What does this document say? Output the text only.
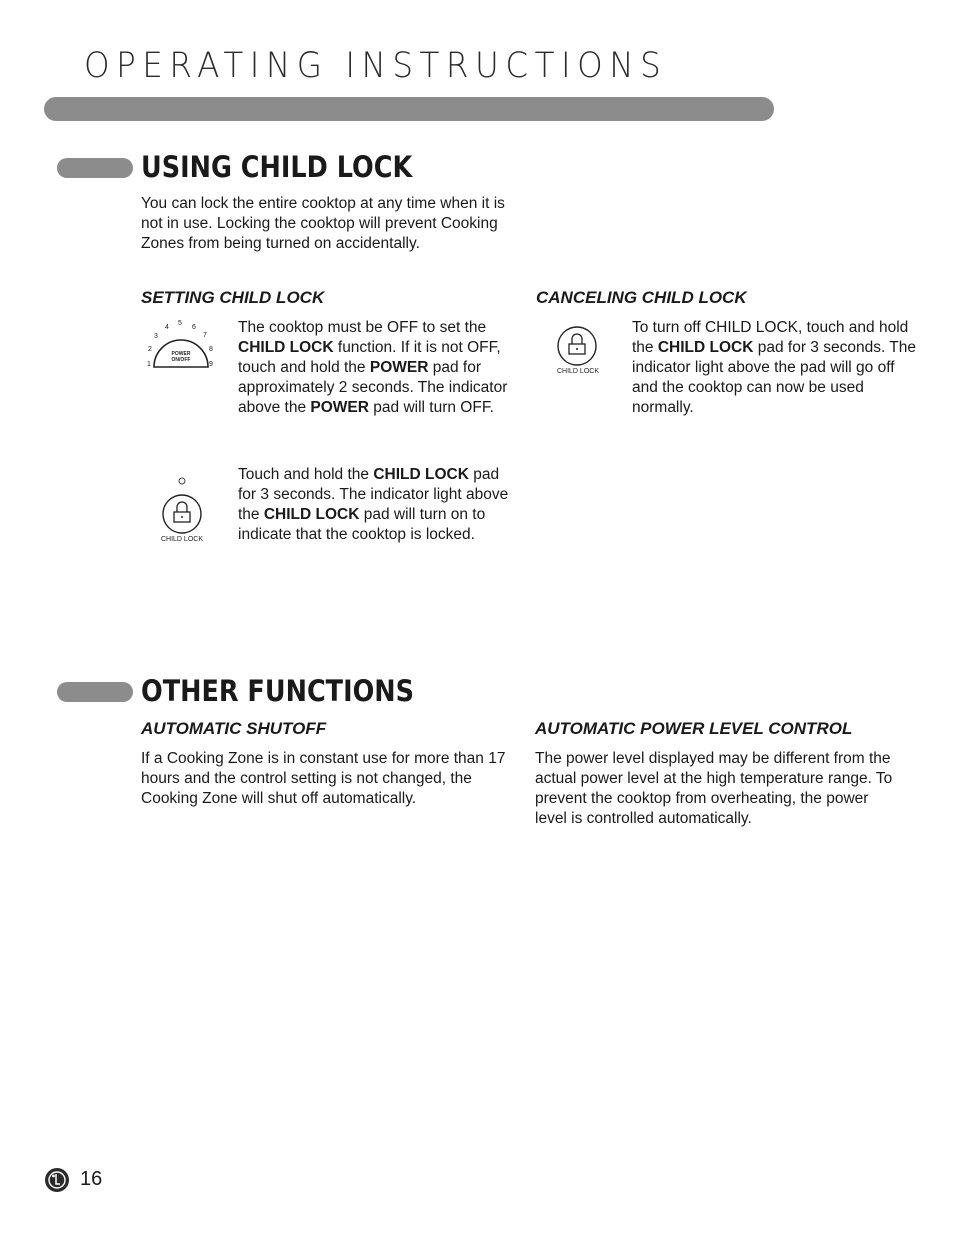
OPERATING INSTRUCTIONS
USING CHILD LOCK
You can lock the entire cooktop at any time when it is not in use. Locking the cooktop will prevent Cooking Zones from being turned on accidentally.
SETTING CHILD LOCK
POWER
ON/OFF
1
2
3
4
5
6
7
8
9
The cooktop must be OFF to set the CHILD LOCK function. If it is not OFF, touch and hold the POWER pad for approximately 2 seconds. The indicator above the POWER pad will turn OFF.
CHILD LOCK
Touch and hold the CHILD LOCK pad for 3 seconds. The indicator light above the CHILD LOCK pad will turn on to indicate that the cooktop is locked.
CANCELING CHILD LOCK
CHILD LOCK
To turn off CHILD LOCK, touch and hold the CHILD LOCK pad for 3 seconds. The indicator light above the pad will go off and the cooktop can now be used normally.
OTHER FUNCTIONS
AUTOMATIC SHUTOFF
If a Cooking Zone is in constant use for more than 17 hours and the control setting is not changed, the Cooking Zone will shut off automatically.
AUTOMATIC POWER LEVEL CONTROL
The power level displayed may be different from the actual power level at the high temperature range. To prevent the cooktop from overheating, the power level is controlled automatically.
16
